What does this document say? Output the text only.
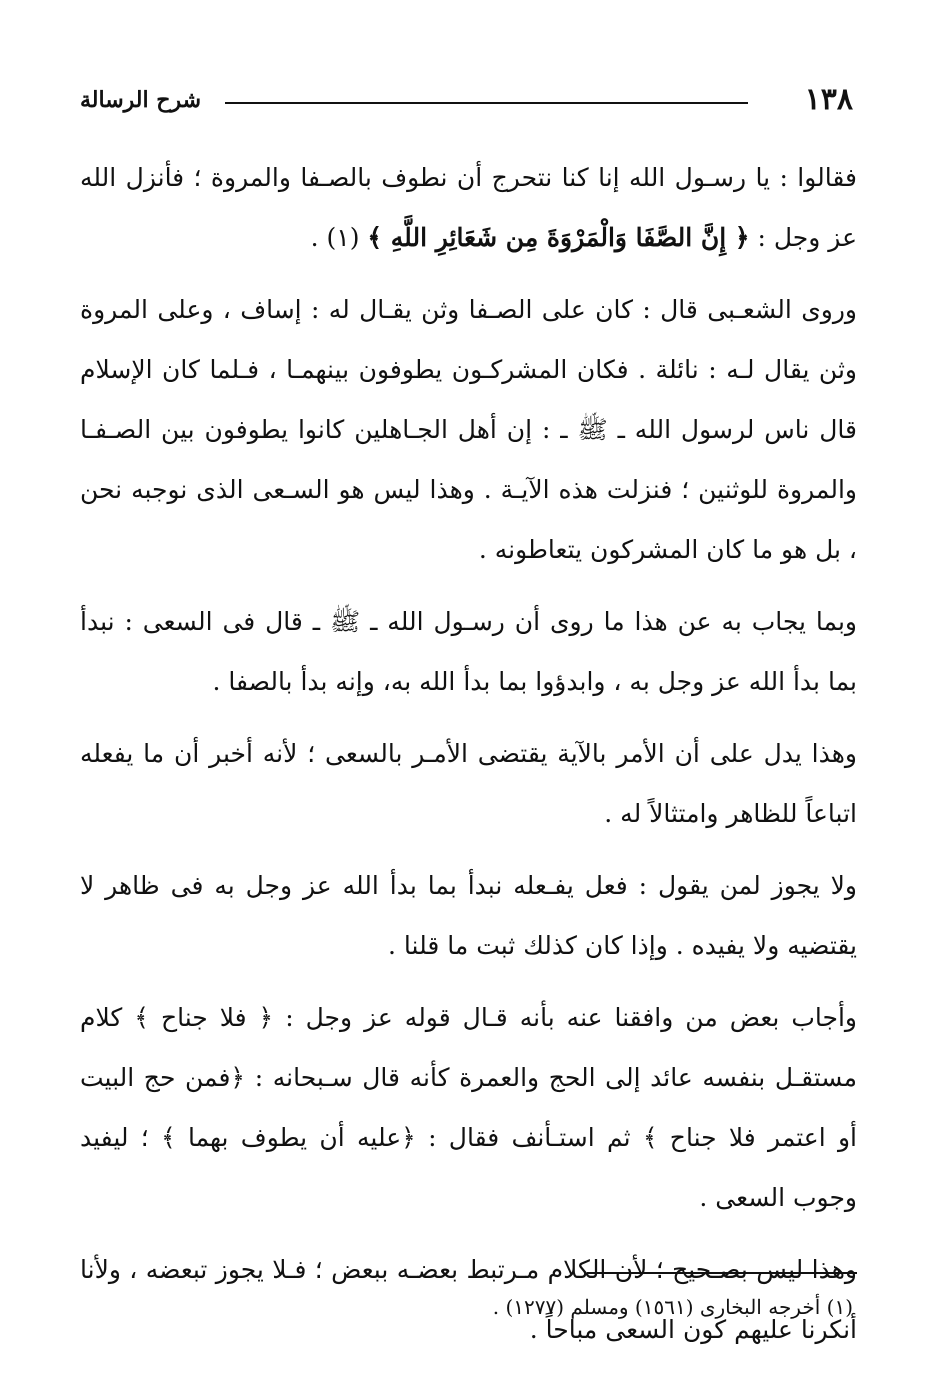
١٣٨
شرح الرسالة

فقالوا : يا رسـول الله إنا كنا نتحرج أن نطوف بالصـفا والمروة ؛ فأنزل الله عز وجل : ﴿ إِنَّ الصَّفَا وَالْمَرْوَةَ مِن شَعَائِرِ اللَّهِ ﴾ (١) .

وروى الشعـبى قال : كان على الصـفا وثن يقـال له : إساف ، وعلى المروة وثن يقال لـه : نائلة . فكان المشركـون يطوفون بينهمـا ، فـلما كان الإسلام قال ناس لرسول الله ـ ﷺ ـ : إن أهل الجـاهلين كانوا يطوفون بين الصـفـا والمروة للوثنين ؛ فنزلت هذه الآيـة . وهذا ليس هو السـعى الذى نوجبه نحن ، بل هو ما كان المشركون يتعاطونه .

وبما يجاب به عن هذا ما روى أن رسـول الله ـ ﷺ ـ قال فى السعى : نبدأ بما بدأ الله عز وجل به ، وابدؤوا بما بدأ الله به، وإنه بدأ بالصفا .

وهذا يدل على أن الأمر بالآية يقتضى الأمـر بالسعى ؛ لأنه أخبر أن ما يفعله اتباعاً للظاهر وامتثالاً له .

ولا يجوز لمن يقول : فعل يفـعله نبدأ بما بدأ الله عز وجل به فى ظاهر لا يقتضيه ولا يفيده . وإذا كان كذلك ثبت ما قلنا .

وأجاب بعض من وافقنا عنه بأنه قـال قوله عز وجل : ﴿ فلا جناح ﴾ كلام مستقـل بنفسه عائد إلى الحج والعمرة كأنه قال سـبحانه : ﴿فمن حج البيت أو اعتمر فلا جناح ﴾ ثم استـأنف فقال : ﴿عليه أن يطوف بهما ﴾ ؛ ليفيد وجوب السعى .

وهذا ليس بصـحيح ؛ لأن الكلام مـرتبط بعضـه ببعض ؛ فـلا يجوز تبعضه ، ولأنا أنكرنا عليهم كون السعى مباحاً .

(١) أخرجه البخارى (١٥٦١) ومسلم (١٢٧٧) .
